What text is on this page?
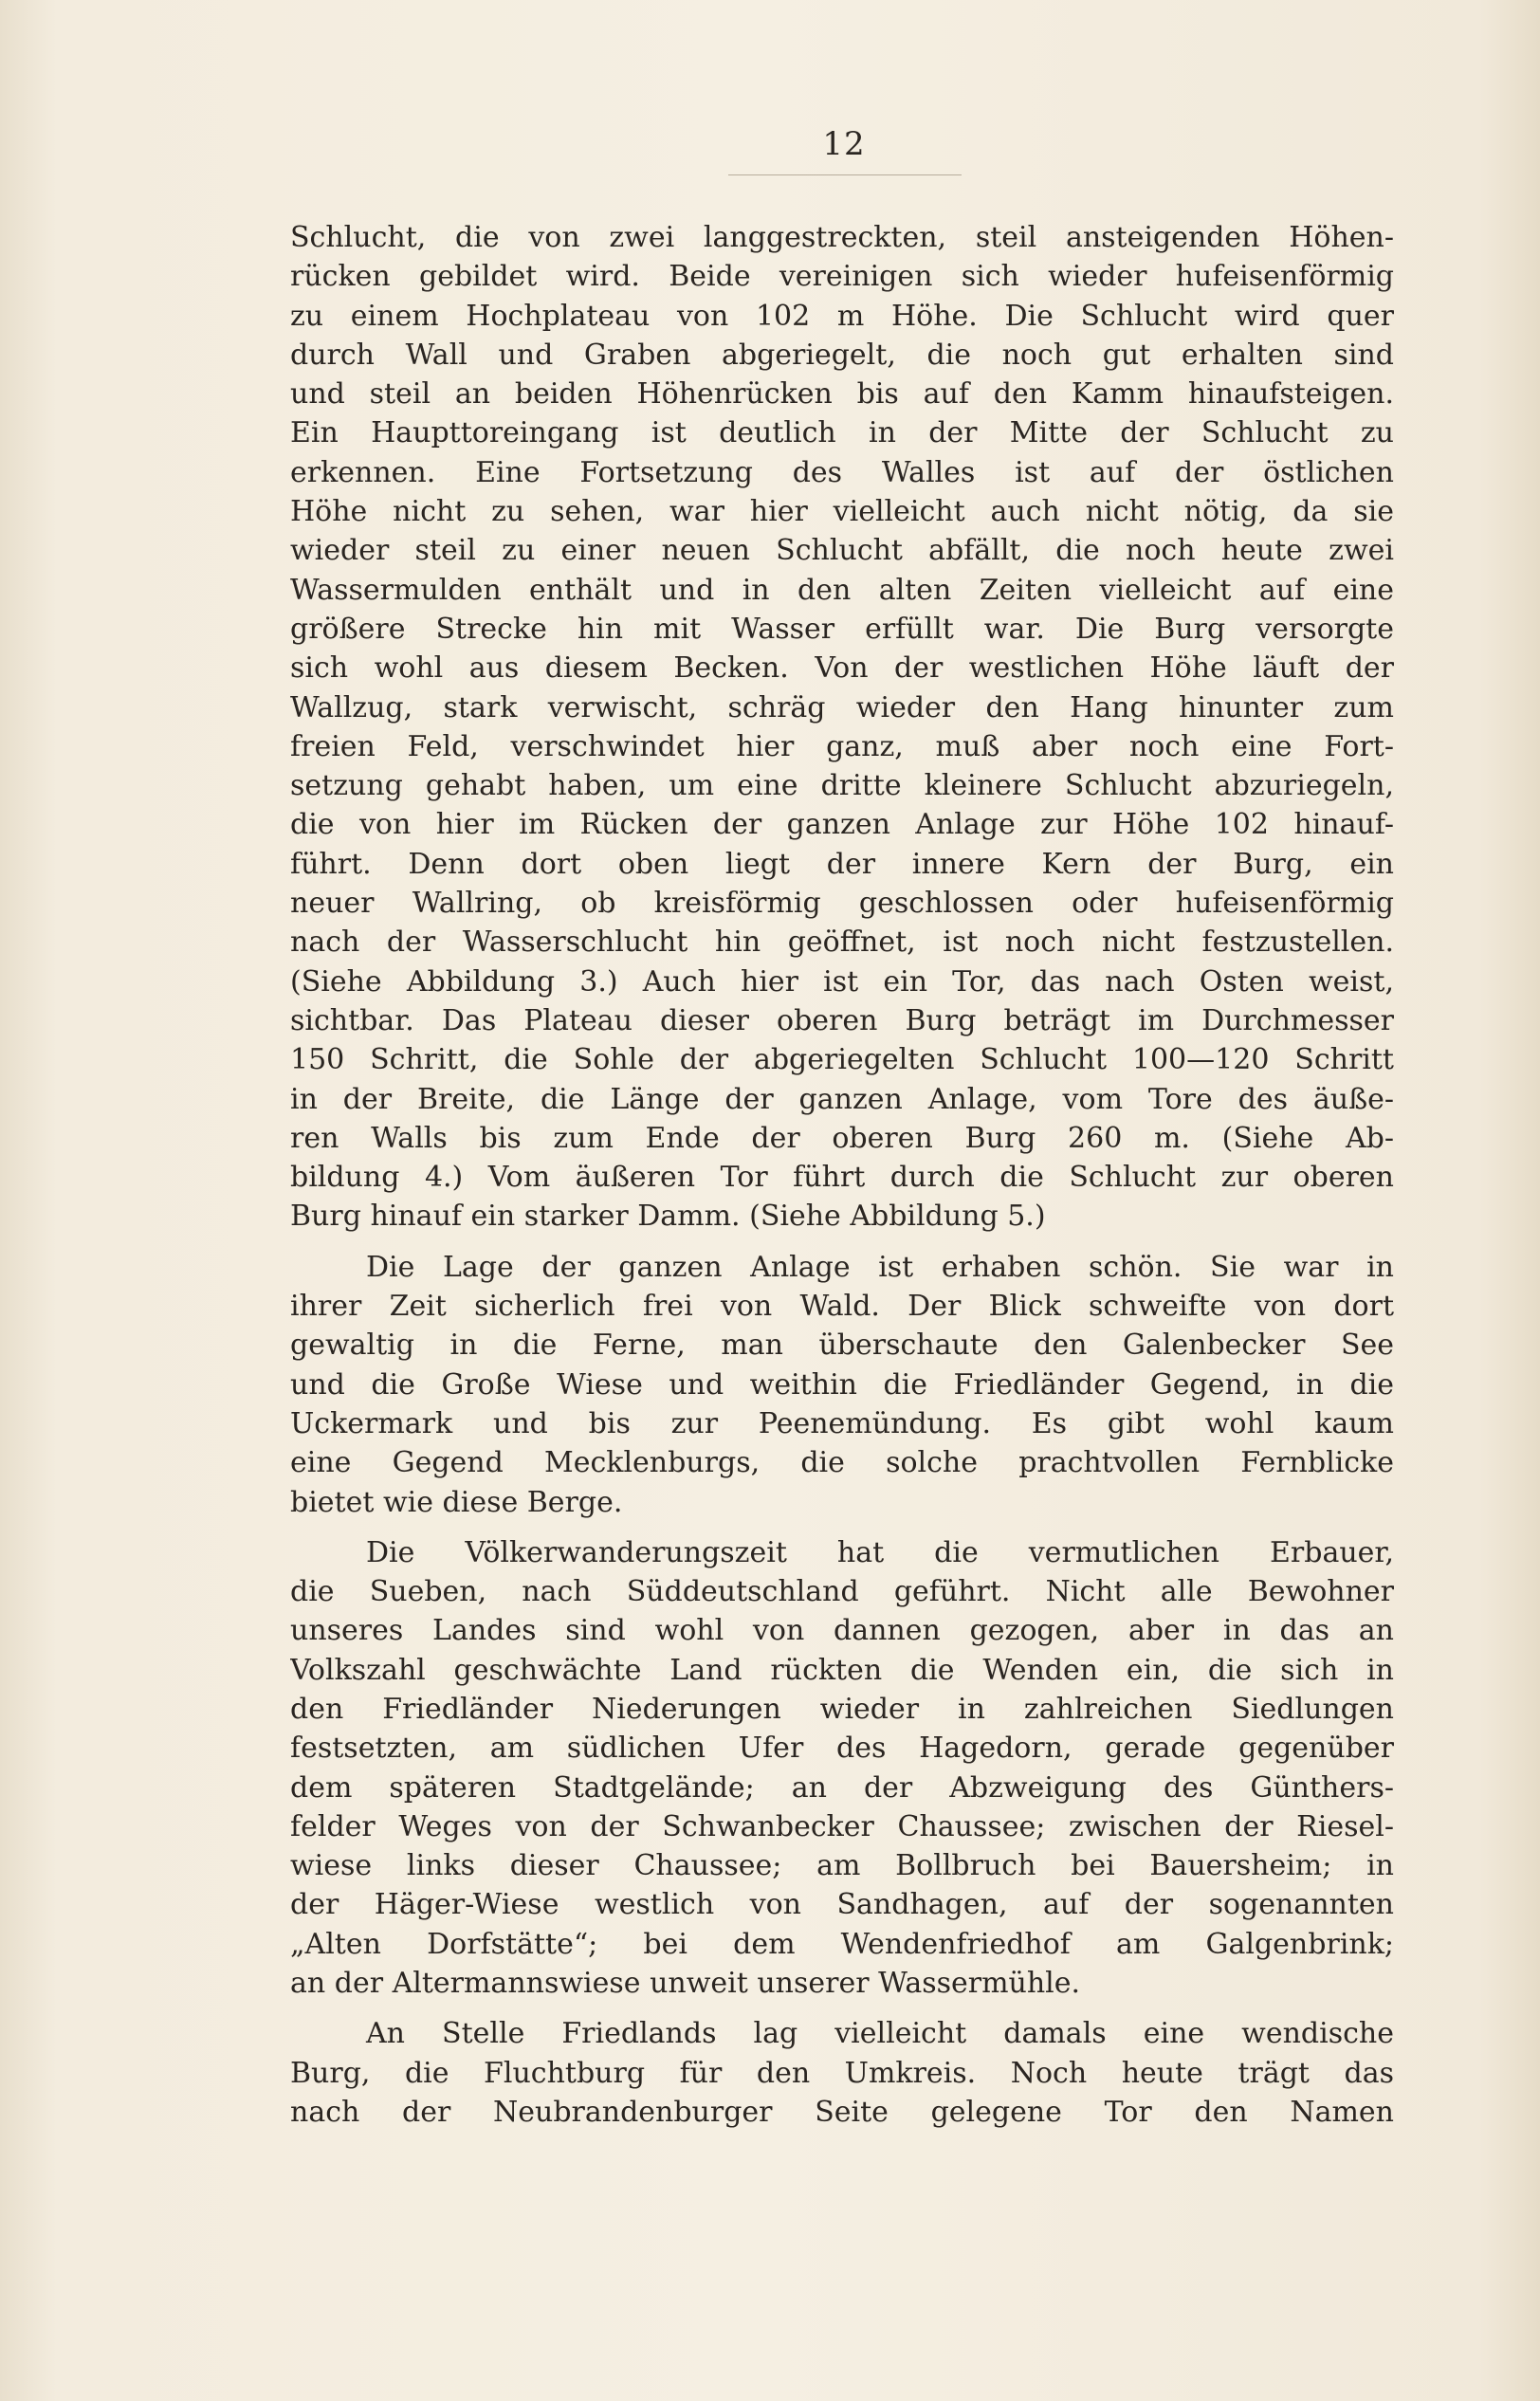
12
Schlucht, die von zwei langgestreckten, steil ansteigenden Höhen-
rücken gebildet wird. Beide vereinigen sich wieder hufeisenförmig
zu einem Hochplateau von 102 m Höhe. Die Schlucht wird quer
durch Wall und Graben abgeriegelt, die noch gut erhalten sind
und steil an beiden Höhenrücken bis auf den Kamm hinaufsteigen.
Ein Haupttoreingang ist deutlich in der Mitte der Schlucht zu
erkennen. Eine Fortsetzung des Walles ist auf der östlichen
Höhe nicht zu sehen, war hier vielleicht auch nicht nötig, da sie
wieder steil zu einer neuen Schlucht abfällt, die noch heute zwei
Wassermulden enthält und in den alten Zeiten vielleicht auf eine
größere Strecke hin mit Wasser erfüllt war. Die Burg versorgte
sich wohl aus diesem Becken. Von der westlichen Höhe läuft der
Wallzug, stark verwischt, schräg wieder den Hang hinunter zum
freien Feld, verschwindet hier ganz, muß aber noch eine Fort-
setzung gehabt haben, um eine dritte kleinere Schlucht abzuriegeln,
die von hier im Rücken der ganzen Anlage zur Höhe 102 hinauf-
führt. Denn dort oben liegt der innere Kern der Burg, ein
neuer Wallring, ob kreisförmig geschlossen oder hufeisenförmig
nach der Wasserschlucht hin geöffnet, ist noch nicht festzustellen.
(Siehe Abbildung 3.) Auch hier ist ein Tor, das nach Osten weist,
sichtbar. Das Plateau dieser oberen Burg beträgt im Durchmesser
150 Schritt, die Sohle der abgeriegelten Schlucht 100—120 Schritt
in der Breite, die Länge der ganzen Anlage, vom Tore des äuße-
ren Walls bis zum Ende der oberen Burg 260 m. (Siehe Ab-
bildung 4.) Vom äußeren Tor führt durch die Schlucht zur oberen
Burg hinauf ein starker Damm. (Siehe Abbildung 5.)
Die Lage der ganzen Anlage ist erhaben schön. Sie war in
ihrer Zeit sicherlich frei von Wald. Der Blick schweifte von dort
gewaltig in die Ferne, man überschaute den Galenbecker See
und die Große Wiese und weithin die Friedländer Gegend, in die
Uckermark und bis zur Peenemündung. Es gibt wohl kaum
eine Gegend Mecklenburgs, die solche prachtvollen Fernblicke
bietet wie diese Berge.
Die Völkerwanderungszeit hat die vermutlichen Erbauer,
die Sueben, nach Süddeutschland geführt. Nicht alle Bewohner
unseres Landes sind wohl von dannen gezogen, aber in das an
Volkszahl geschwächte Land rückten die Wenden ein, die sich in
den Friedländer Niederungen wieder in zahlreichen Siedlungen
festsetzten, am südlichen Ufer des Hagedorn, gerade gegenüber
dem späteren Stadtgelände; an der Abzweigung des Günthers-
felder Weges von der Schwanbecker Chaussee; zwischen der Riesel-
wiese links dieser Chaussee; am Bollbruch bei Bauersheim; in
der Häger-Wiese westlich von Sandhagen, auf der sogenannten
„Alten Dorfstätte“; bei dem Wendenfriedhof am Galgenbrink;
an der Altermannswiese unweit unserer Wassermühle.
An Stelle Friedlands lag vielleicht damals eine wendische
Burg, die Fluchtburg für den Umkreis. Noch heute trägt das
nach der Neubrandenburger Seite gelegene Tor den Namen
